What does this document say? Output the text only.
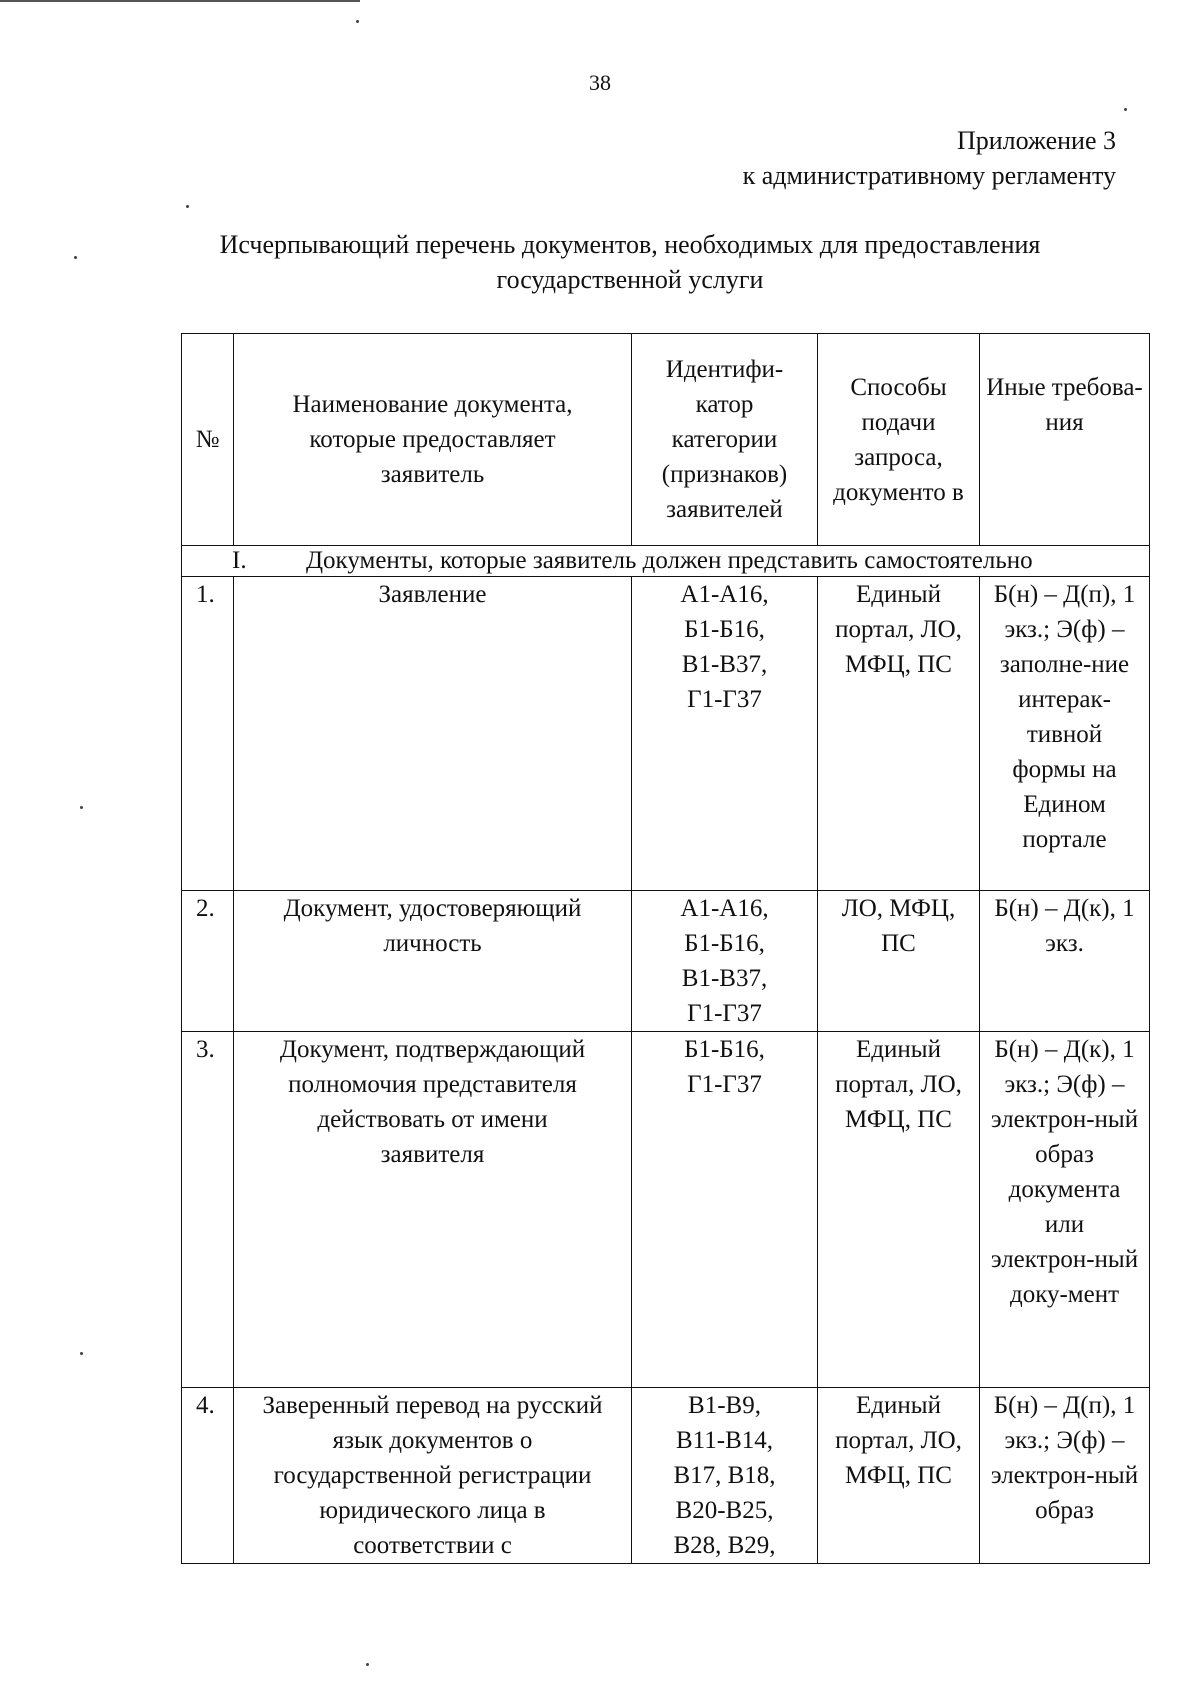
38
Приложение 3
к административному регламенту
Исчерпывающий перечень документов, необходимых для предоставления
государственной услуги
№	Наименование документа, которые предоставляет заявитель	Идентифи-катор категории (признаков) заявителей	Способы подачи запроса, документо в	Иные требова-ния
I. Документы, которые заявитель должен представить самостоятельно				
1.	Заявление	А1-А16,
Б1-Б16,
В1-В37,
Г1-Г37	Единый портал, ЛО, МФЦ, ПС	Б(н) – Д(п), 1 экз.; Э(ф) – заполне-ние интерак-тивной формы на Едином портале
2.	Документ, удостоверяющий личность	А1-А16,
Б1-Б16,
В1-В37,
Г1-Г37	ЛО, МФЦ, ПС	Б(н) – Д(к), 1 экз.
3.	Документ, подтверждающий полномочия представителя действовать от имени заявителя	Б1-Б16,
Г1-Г37	Единый портал, ЛО, МФЦ, ПС	Б(н) – Д(к), 1 экз.; Э(ф) – электрон-ный образ документа или электрон-ный доку-мент
4.	Заверенный перевод на русский язык документов о государственной регистрации юридического лица в соответствии с	В1-В9,
В11-В14,
В17, В18,
В20-В25,
В28, В29,	Единый портал, ЛО, МФЦ, ПС	Б(н) – Д(п), 1 экз.; Э(ф) – электрон-ный образ
